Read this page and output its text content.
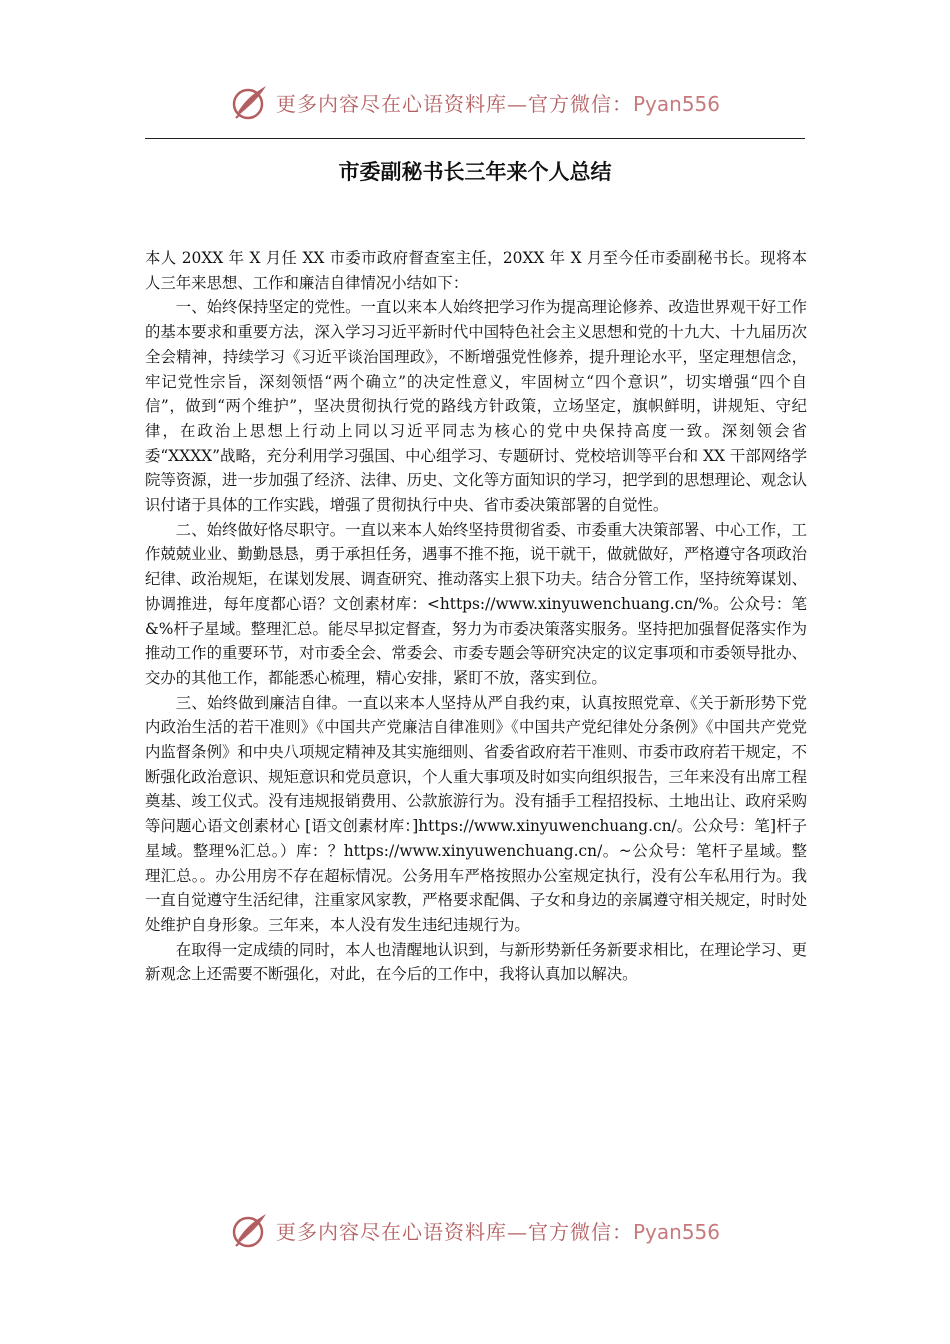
更多内容尽在心语资料库—官方微信：Pyan556
市委副秘书长三年来个人总结

本人 20XX 年 X 月任 XX 市委市政府督查室主任，20XX 年 X 月至今任市委副秘书长。现将本人三年来思想、工作和廉洁自律情况小结如下：

一、始终保持坚定的党性。一直以来本人始终把学习作为提高理论修养、改造世界观干好工作的基本要求和重要方法，深入学习习近平新时代中国特色社会主义思想和党的十九大、十九届历次全会精神，持续学习《习近平谈治国理政》，不断增强党性修养，提升理论水平，坚定理想信念，牢记党性宗旨，深刻领悟“两个确立”的决定性意义，牢固树立“四个意识”，切实增强“四个自信”，做到“两个维护”，坚决贯彻执行党的路线方针政策，立场坚定，旗帜鲜明，讲规矩、守纪律，在政治上思想上行动上同以习近平同志为核心的党中央保持高度一致。深刻领会省委“XXXX”战略，充分利用学习强国、中心组学习、专题研讨、党校培训等平台和 XX 干部网络学院等资源，进一步加强了经济、法律、历史、文化等方面知识的学习，把学到的思想理论、观念认识付诸于具体的工作实践，增强了贯彻执行中央、省市委决策部署的自觉性。

二、始终做好恪尽职守。一直以来本人始终坚持贯彻省委、市委重大决策部署、中心工作，工作兢兢业业、勤勤恳恳，勇于承担任务，遇事不推不拖，说干就干，做就做好，严格遵守各项政治纪律、政治规矩，在谋划发展、调查研究、推动落实上狠下功夫。结合分管工作，坚持统筹谋划、协调推进，每年度都心语？文创素材库：<https://www.xinyuwenchuang.cn/%。公众号：笔&%杆子星域。整理汇总。能尽早拟定督查，努力为市委决策落实服务。坚持把加强督促落实作为推动工作的重要环节，对市委全会、常委会、市委专题会等研究决定的议定事项和市委领导批办、交办的其他工作，都能悉心梳理，精心安排，紧盯不放，落实到位。

三、始终做到廉洁自律。一直以来本人坚持从严自我约束，认真按照党章、《关于新形势下党内政治生活的若干准则》《中国共产党廉洁自律准则》《中国共产党纪律处分条例》《中国共产党党内监督条例》和中央八项规定精神及其实施细则、省委省政府若干准则、市委市政府若干规定，不断强化政治意识、规矩意识和党员意识，个人重大事项及时如实向组织报告，三年来没有出席工程奠基、竣工仪式。没有违规报销费用、公款旅游行为。没有插手工程招投标、土地出让、政府采购等问题心语文创素材心 [语文创素材库：]https://www.xinyuwenchuang.cn/。公众号：笔]杆子星域。整理%汇总。）库：？https://www.xinyuwenchuang.cn/。~公众号：笔杆子星域。整理汇总。。办公用房不存在超标情况。公务用车严格按照办公室规定执行，没有公车私用行为。我一直自觉遵守生活纪律，注重家风家教，严格要求配偶、子女和身边的亲属遵守相关规定，时时处处维护自身形象。三年来，本人没有发生违纪违规行为。

在取得一定成绩的同时，本人也清醒地认识到，与新形势新任务新要求相比，在理论学习、更新观念上还需要不断强化，对此，在今后的工作中，我将认真加以解决。

更多内容尽在心语资料库—官方微信：Pyan556
